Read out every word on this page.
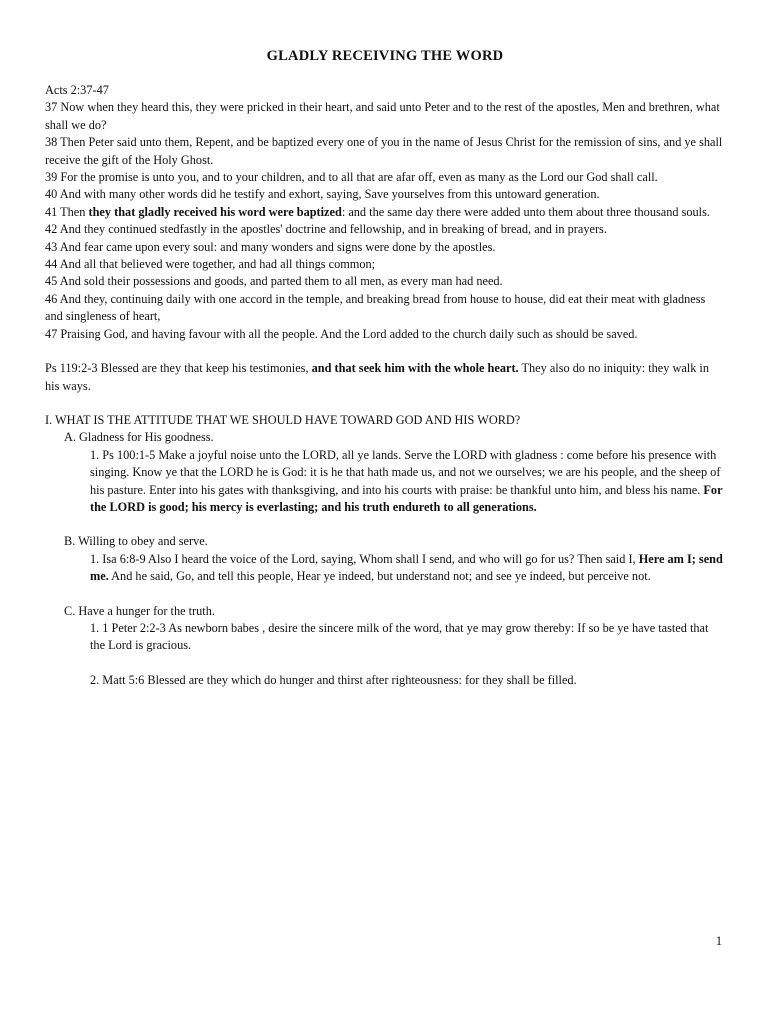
GLADLY RECEIVING THE WORD

Acts 2:37-47

37 Now when they heard this, they were pricked in their heart, and said unto Peter and to the rest of the apostles, Men and brethren, what shall we do?

38 Then Peter said unto them, Repent, and be baptized every one of you in the name of Jesus Christ for the remission of sins, and ye shall receive the gift of the Holy Ghost.

39 For the promise is unto you, and to your children, and to all that are afar off, even as many as the Lord our God shall call.

40 And with many other words did he testify and exhort, saying, Save yourselves from this untoward generation.

41 Then they that gladly received his word were baptized: and the same day there were added unto them about three thousand souls.

42 And they continued stedfastly in the apostles' doctrine and fellowship, and in breaking of bread, and in prayers.

43 And fear came upon every soul: and many wonders and signs were done by the apostles.

44 And all that believed were together, and had all things common;

45 And sold their possessions and goods, and parted them to all men, as every man had need.

46 And they, continuing daily with one accord in the temple, and breaking bread from house to house, did eat their meat with gladness and singleness of heart,

47 Praising God, and having favour with all the people. And the Lord added to the church daily such as should be saved.

Ps 119:2-3 Blessed are they that keep his testimonies, and that seek him with the whole heart. They also do no iniquity: they walk in his ways.

I. WHAT IS THE ATTITUDE THAT WE SHOULD HAVE TOWARD GOD AND HIS WORD?

A. Gladness for His goodness.

1. Ps 100:1-5 Make a joyful noise unto the LORD, all ye lands. Serve the LORD with gladness : come before his presence with singing. Know ye that the LORD he is God: it is he that hath made us, and not we ourselves; we are his people, and the sheep of his pasture. Enter into his gates with thanksgiving, and into his courts with praise: be thankful unto him, and bless his name. For the LORD is good; his mercy is everlasting; and his truth endureth to all generations.

B. Willing to obey and serve.

1. Isa 6:8-9 Also I heard the voice of the Lord, saying, Whom shall I send, and who will go for us? Then said I, Here am I; send me. And he said, Go, and tell this people, Hear ye indeed, but understand not; and see ye indeed, but perceive not.

C. Have a hunger for the truth.

1. 1 Peter 2:2-3 As newborn babes , desire the sincere milk of the word, that ye may grow thereby: If so be ye have tasted that the Lord is gracious.

2. Matt 5:6 Blessed are they which do hunger and thirst after righteousness: for they shall be filled.

1
